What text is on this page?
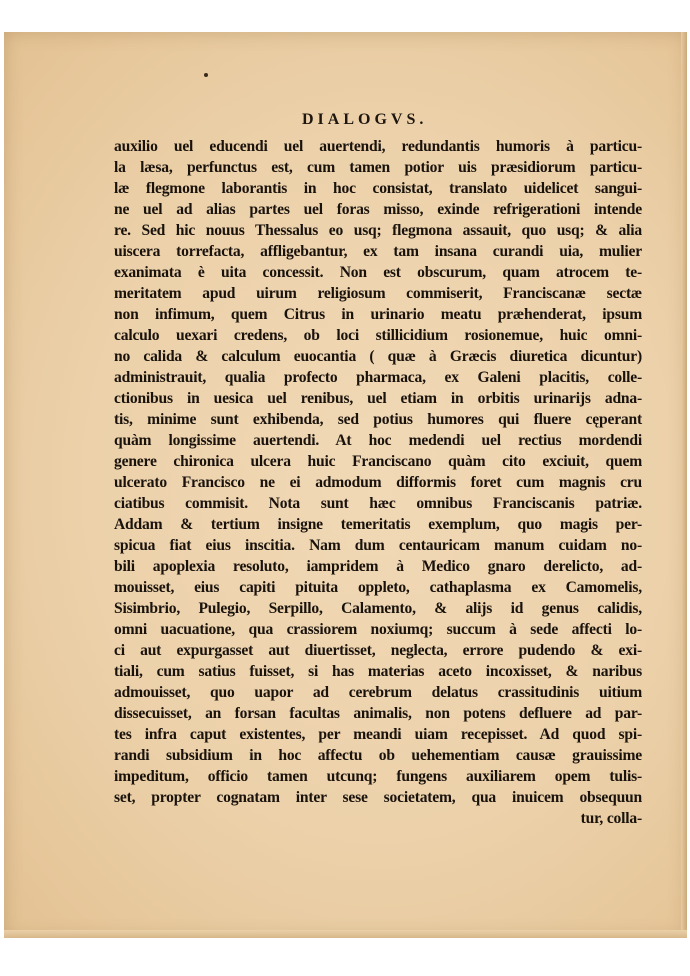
DIALOGVS.
auxilio uel educendi uel auertendi, redundantis humoris à particu-
la læsa, perfunctus est, cum tamen potior uis præsidiorum particu-
læ flegmone laborantis in hoc consistat, translato uidelicet sangui-
ne uel ad alias partes uel foras misso, exinde refrigerationi intende
re. Sed hic nouus Thessalus eo usq; flegmona assauit, quo usq; & alia
uiscera torrefacta, affligebantur, ex tam insana curandi uia, mulier
exanimata è uita concessit. Non est obscurum, quam atrocem te-
meritatem apud uirum religiosum commiserit, Franciscanæ sectæ
non infimum, quem Citrus in urinario meatu præhenderat, ipsum
calculo uexari credens, ob loci stillicidium rosionemue, huic omni-
no calida & calculum euocantia ( quæ à Græcis diuretica dicuntur)
administrauit, qualia profecto pharmaca, ex Galeni placitis, colle-
ctionibus in uesica uel renibus, uel etiam in orbitis urinarijs adna-
tis, minime sunt exhibenda, sed potius humores qui fluere cęperant
quàm longissime auertendi. At hoc medendi uel rectius mordendi
genere chironica ulcera huic Franciscano quàm cito exciuit, quem
ulcerato Francisco ne ei admodum difformis foret cum magnis cru
ciatibus commisit. Nota sunt hæc omnibus Franciscanis patriæ.
Addam & tertium insigne temeritatis exemplum, quo magis per-
spicua fiat eius inscitia. Nam dum centauricam manum cuidam no-
bili apoplexia resoluto, iampridem à Medico gnaro derelicto, ad-
mouisset, eius capiti pituita oppleto, cathaplasma ex Camomelis,
Sisimbrio, Pulegio, Serpillo, Calamento, & alijs id genus calidis,
omni uacuatione, qua crassiorem noxiumq; succum à sede affecti lo-
ci aut expurgasset aut diuertisset, neglecta, errore pudendo & exi-
tiali, cum satius fuisset, si has materias aceto incoxisset, & naribus
admouisset, quo uapor ad cerebrum delatus crassitudinis uitium
dissecuisset, an forsan facultas animalis, non potens defluere ad par-
tes infra caput existentes, per meandi uiam recepisset. Ad quod spi-
randi subsidium in hoc affectu ob uehementiam causæ grauissime
impeditum, officio tamen utcunq; fungens auxiliarem opem tulis-
set, propter cognatam inter sese societatem, qua inuicem obsequun
tur, colla-
